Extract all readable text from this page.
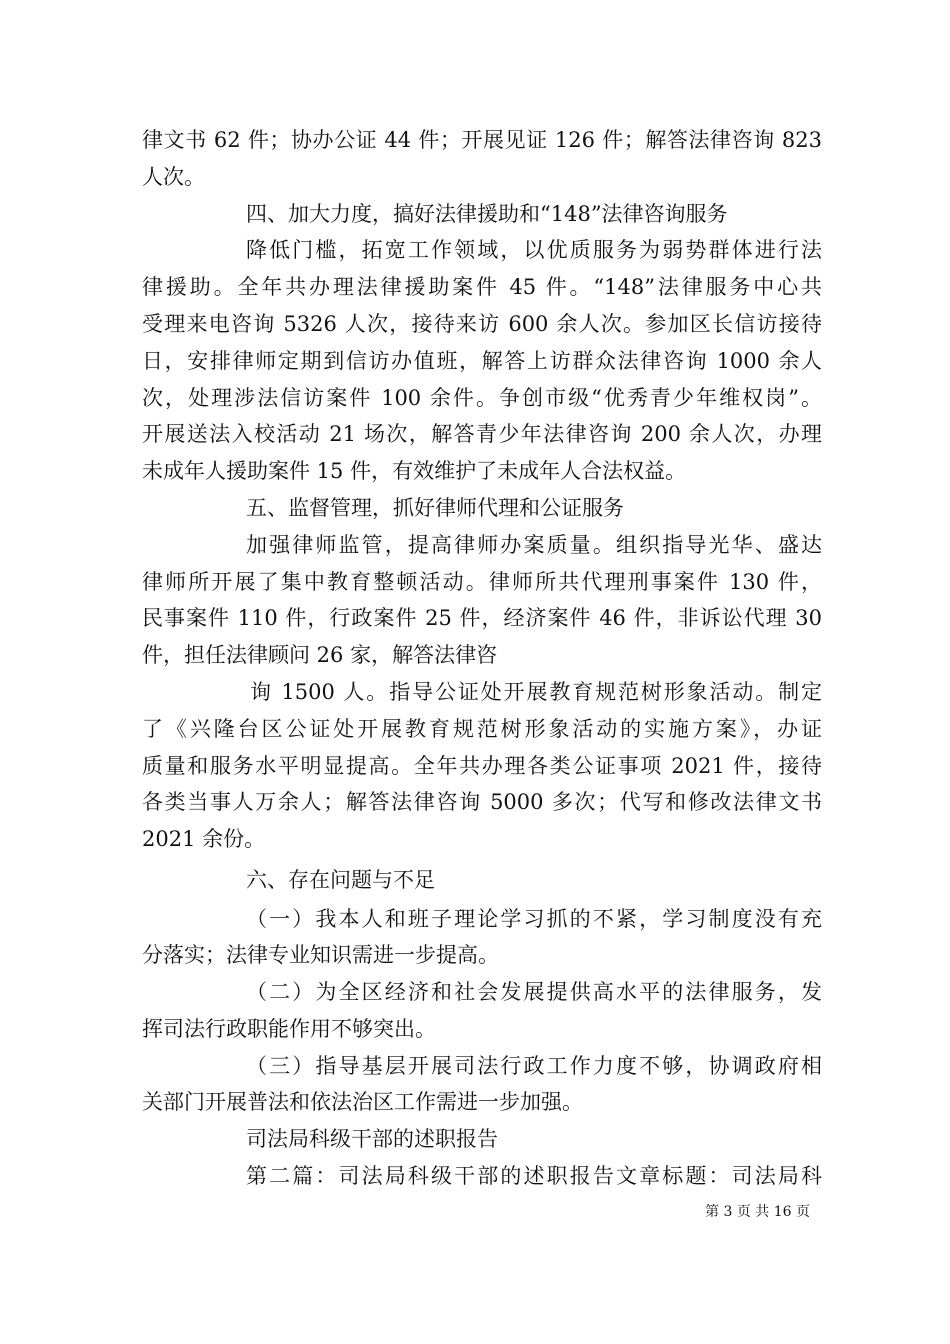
律文书 62 件；协办公证 44 件；开展见证 126 件；解答法律咨询 823
人次。
四、加大力度，搞好法律援助和“148”法律咨询服务
降低门槛，拓宽工作领域，以优质服务为弱势群体进行法
律援助。全年共办理法律援助案件 45 件。“148”法律服务中心共
受理来电咨询 5326 人次，接待来访 600 余人次。参加区长信访接待
日，安排律师定期到信访办值班，解答上访群众法律咨询 1000 余人
次，处理涉法信访案件 100 余件。争创市级“优秀青少年维权岗”。
开展送法入校活动 21 场次，解答青少年法律咨询 200 余人次，办理
未成年人援助案件 15 件，有效维护了未成年人合法权益。
五、监督管理，抓好律师代理和公证服务
加强律师监管，提高律师办案质量。组织指导光华、盛达
律师所开展了集中教育整顿活动。律师所共代理刑事案件 130 件，
民事案件 110 件，行政案件 25 件，经济案件 46 件，非诉讼代理 30
件，担任法律顾问 26 家，解答法律咨
询 1500 人。指导公证处开展教育规范树形象活动。制定
了《兴隆台区公证处开展教育规范树形象活动的实施方案》，办证
质量和服务水平明显提高。全年共办理各类公证事项 2021 件，接待
各类当事人万余人；解答法律咨询 5000 多次；代写和修改法律文书
2021 余份。
六、存在问题与不足
（一）我本人和班子理论学习抓的不紧，学习制度没有充
分落实；法律专业知识需进一步提高。
（二）为全区经济和社会发展提供高水平的法律服务，发
挥司法行政职能作用不够突出。
（三）指导基层开展司法行政工作力度不够，协调政府相
关部门开展普法和依法治区工作需进一步加强。
司法局科级干部的述职报告
第二篇：司法局科级干部的述职报告文章标题：司法局科
第 3 页 共 16 页
